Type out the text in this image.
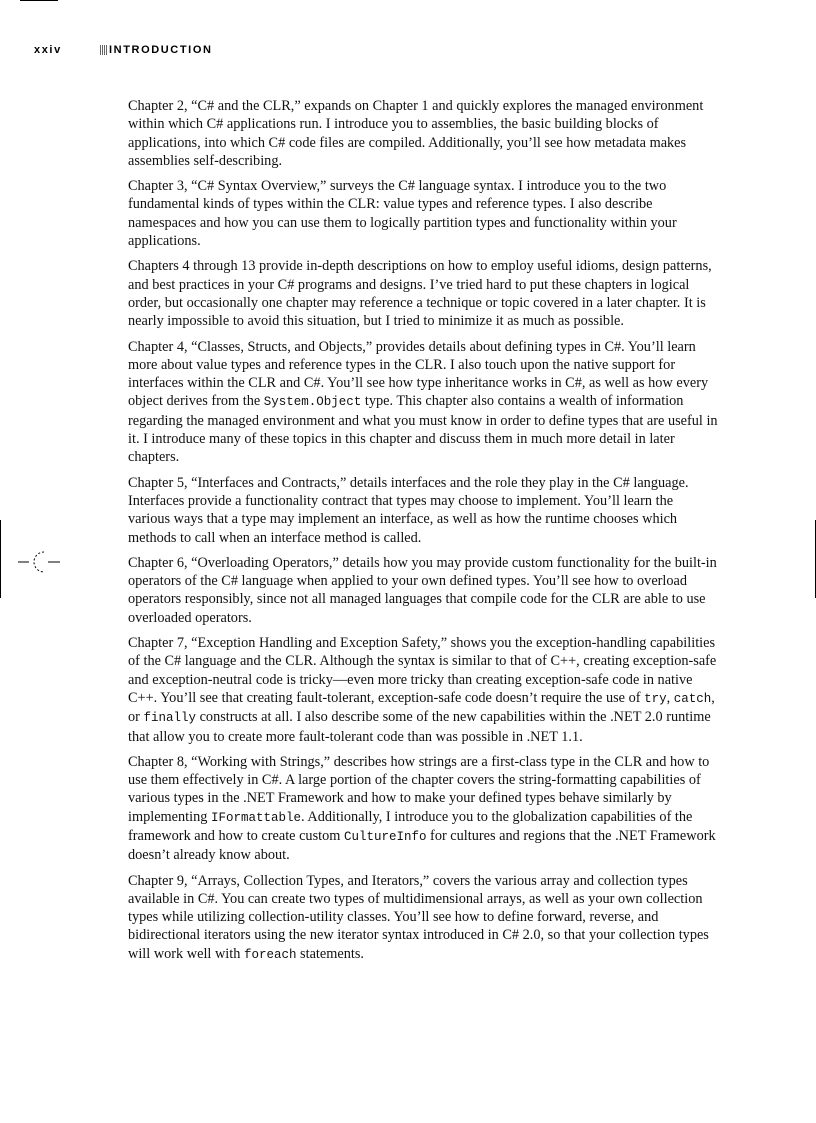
xxiv	INTRODUCTION

Chapter 2, “C# and the CLR,” expands on Chapter 1 and quickly explores the managed environment within which C# applications run. I introduce you to assemblies, the basic building blocks of applications, into which C# code files are compiled. Additionally, you’ll see how metadata makes assemblies self-describing.

Chapter 3, “C# Syntax Overview,” surveys the C# language syntax. I introduce you to the two fundamental kinds of types within the CLR: value types and reference types. I also describe namespaces and how you can use them to logically partition types and functionality within your applications.

Chapters 4 through 13 provide in-depth descriptions on how to employ useful idioms, design patterns, and best practices in your C# programs and designs. I’ve tried hard to put these chapters in logical order, but occasionally one chapter may reference a technique or topic covered in a later chapter. It is nearly impossible to avoid this situation, but I tried to minimize it as much as possible.

Chapter 4, “Classes, Structs, and Objects,” provides details about defining types in C#. You’ll learn more about value types and reference types in the CLR. I also touch upon the native support for interfaces within the CLR and C#. You’ll see how type inheritance works in C#, as well as how every object derives from the System.Object type. This chapter also contains a wealth of information regarding the managed environment and what you must know in order to define types that are useful in it. I introduce many of these topics in this chapter and discuss them in much more detail in later chapters.

Chapter 5, “Interfaces and Contracts,” details interfaces and the role they play in the C# language. Interfaces provide a functionality contract that types may choose to implement. You’ll learn the various ways that a type may implement an interface, as well as how the runtime chooses which methods to call when an interface method is called.

Chapter 6, “Overloading Operators,” details how you may provide custom functionality for the built-in operators of the C# language when applied to your own defined types. You’ll see how to overload operators responsibly, since not all managed languages that compile code for the CLR are able to use overloaded operators.

Chapter 7, “Exception Handling and Exception Safety,” shows you the exception-handling capabilities of the C# language and the CLR. Although the syntax is similar to that of C++, creating exception-safe and exception-neutral code is tricky—even more tricky than creating exception-safe code in native C++. You’ll see that creating fault-tolerant, exception-safe code doesn’t require the use of try, catch, or finally constructs at all. I also describe some of the new capabilities within the .NET 2.0 runtime that allow you to create more fault-tolerant code than was possible in .NET 1.1.

Chapter 8, “Working with Strings,” describes how strings are a first-class type in the CLR and how to use them effectively in C#. A large portion of the chapter covers the string-formatting capabilities of various types in the .NET Framework and how to make your defined types behave similarly by implementing IFormattable. Additionally, I introduce you to the globalization capabilities of the framework and how to create custom CultureInfo for cultures and regions that the .NET Framework doesn’t already know about.

Chapter 9, “Arrays, Collection Types, and Iterators,” covers the various array and collection types available in C#. You can create two types of multidimensional arrays, as well as your own collection types while utilizing collection-utility classes. You’ll see how to define forward, reverse, and bidirectional iterators using the new iterator syntax introduced in C# 2.0, so that your collection types will work well with foreach statements.
